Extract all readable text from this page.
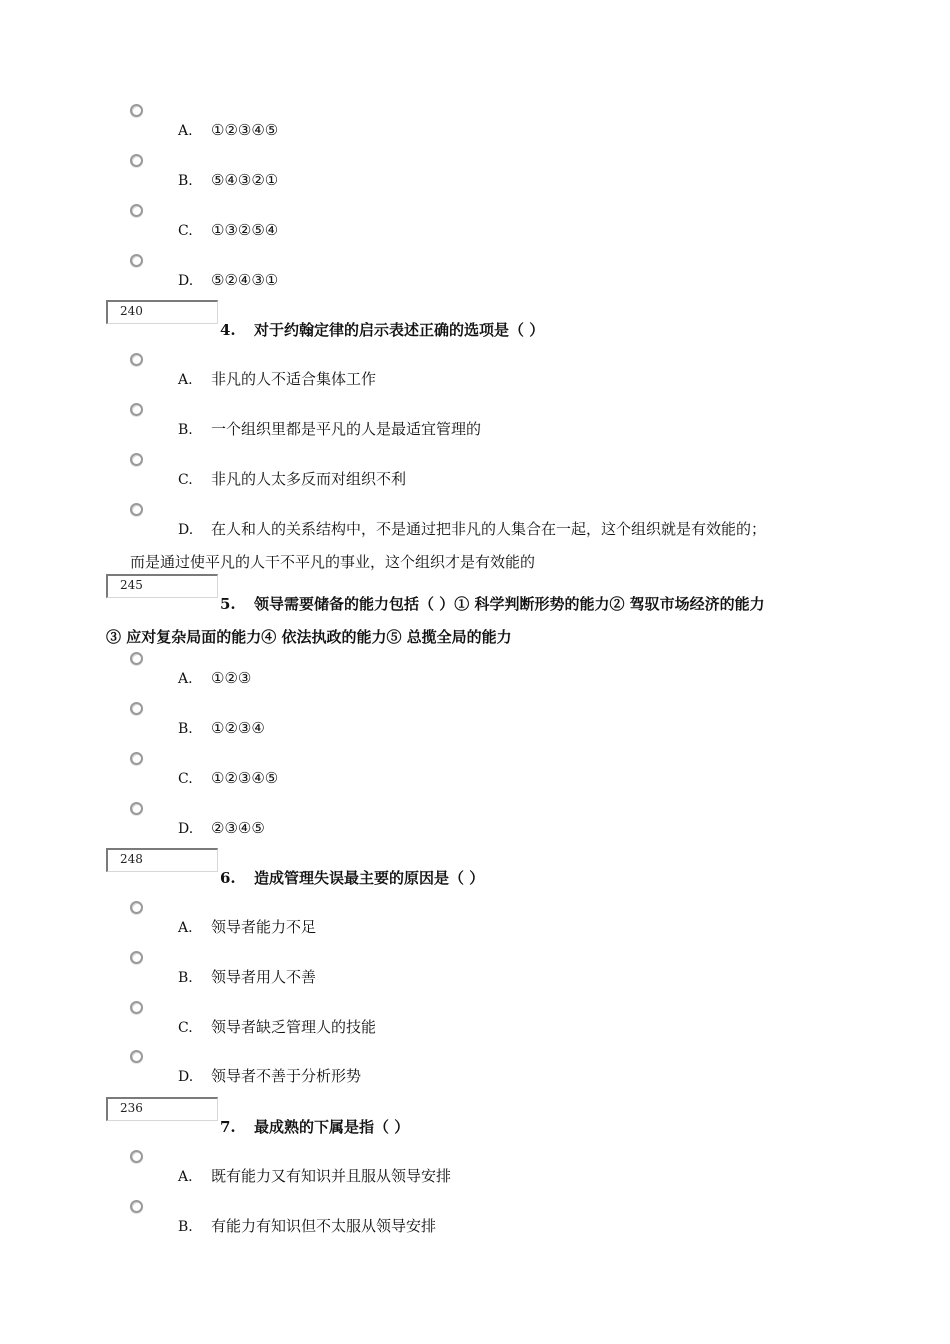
A. ①②③④⑤
B. ⑤④③②①
C. ①③②⑤④
D. ⑤②④③①
240
4. 对于约翰定律的启示表述正确的选项是（ ）
A. 非凡的人不适合集体工作
B. 一个组织里都是平凡的人是最适宜管理的
C. 非凡的人太多反而对组织不利
D. 在人和人的关系结构中，不是通过把非凡的人集合在一起，这个组织就是有效能的；
而是通过使平凡的人干不平凡的事业，这个组织才是有效能的
245
5. 领导需要储备的能力包括（ ）① 科学判断形势的能力② 驾驭市场经济的能力
③ 应对复杂局面的能力④ 依法执政的能力⑤ 总揽全局的能力
A. ①②③
B. ①②③④
C. ①②③④⑤
D. ②③④⑤
248
6. 造成管理失误最主要的原因是（ ）
A. 领导者能力不足
B. 领导者用人不善
C. 领导者缺乏管理人的技能
D. 领导者不善于分析形势
236
7. 最成熟的下属是指（ ）
A. 既有能力又有知识并且服从领导安排
B. 有能力有知识但不太服从领导安排
